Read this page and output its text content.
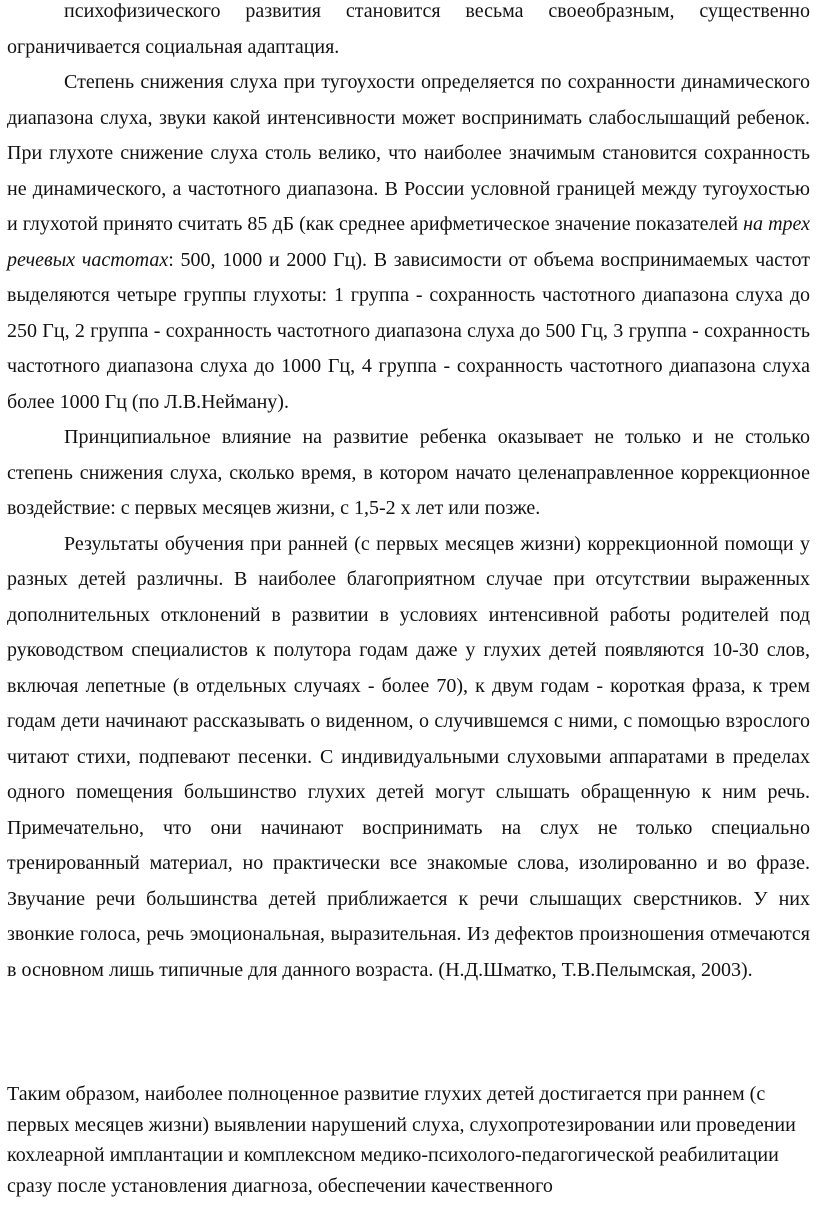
психофизического развития становится весьма своеобразным, существенно ограничивается социальная адаптация.

Степень снижения слуха при тугоухости определяется по сохранности динамического диапазона слуха, звуки какой интенсивности может воспринимать слабослышащий ребенок. При глухоте снижение слуха столь велико, что наиболее значимым становится сохранность не динамического, а частотного диапазона. В России условной границей между тугоухостью и глухотой принято считать 85 дБ (как среднее арифметическое значение показателей на трех речевых частотах: 500, 1000 и 2000 Гц). В зависимости от объема воспринимаемых частот выделяются четыре группы глухоты: 1 группа - сохранность частотного диапазона слуха до 250 Гц, 2 группа - сохранность частотного диапазона слуха до 500 Гц, 3 группа - сохранность частотного диапазона слуха до 1000 Гц, 4 группа - сохранность частотного диапазона слуха более 1000 Гц (по Л.В.Нейману).

Принципиальное влияние на развитие ребенка оказывает не только и не столько степень снижения слуха, сколько время, в котором начато целенаправленное коррекционное воздействие: с первых месяцев жизни, с 1,5-2 х лет или позже.

Результаты обучения при ранней (с первых месяцев жизни) коррекционной помощи у разных детей различны. В наиболее благоприятном случае при отсутствии выраженных дополнительных отклонений в развитии в условиях интенсивной работы родителей под руководством специалистов к полутора годам даже у глухих детей появляются 10-30 слов, включая лепетные (в отдельных случаях - более 70), к двум годам - короткая фраза, к трем годам дети начинают рассказывать о виденном, о случившемся с ними, с помощью взрослого читают стихи, подпевают песенки. С индивидуальными слуховыми аппаратами в пределах одного помещения большинство глухих детей могут слышать обращенную к ним речь. Примечательно, что они начинают воспринимать на слух не только специально тренированный материал, но практически все знакомые слова, изолированно и во фразе. Звучание речи большинства детей приближается к речи слышащих сверстников. У них звонкие голоса, речь эмоциональная, выразительная. Из дефектов произношения отмечаются в основном лишь типичные для данного возраста. (Н.Д.Шматко, Т.В.Пелымская, 2003).

Таким образом, наиболее полноценное развитие глухих детей достигается при раннем (с первых месяцев жизни) выявлении нарушений слуха, слухопротезировании или проведении кохлеарной имплантации и комплексном медико-психолого-педагогической реабилитации сразу после установления диагноза, обеспечении качественного
